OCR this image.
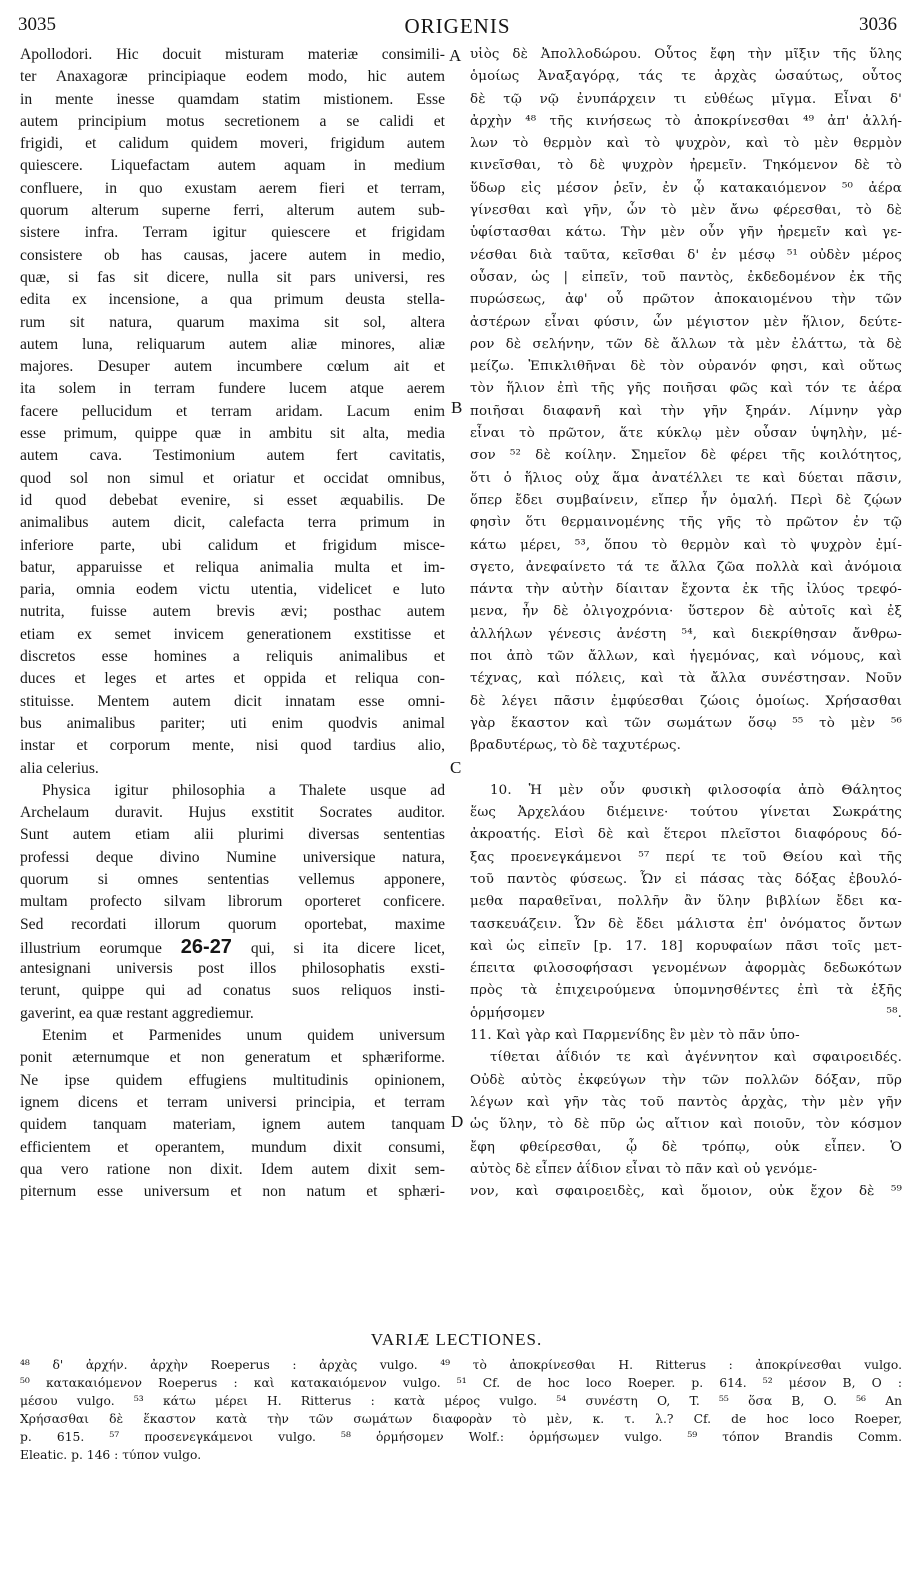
3035	ORIGENIS	3036
Apollodori. Hic docuit misturam materiæ consimili-
ter Anaxagoræ principiaque eodem modo, hic autem
in mente inesse quamdam statim mistionem. Esse
autem principium motus secretionem a se calidi et
frigidi, et calidum quidem moveri, frigidum autem
quiescere. Liquefactam autem aquam in medium
confluere, in quo exustam aerem fieri et terram,
quorum alterum superne ferri, alterum autem sub-
sistere infra. Terram igitur quiescere et frigidam
consistere ob has causas, jacere autem in medio,
quæ, si fas sit dicere, nulla sit pars universi, res
edita ex incensione, a qua primum deusta stella-
rum sit natura, quarum maxima sit sol, altera
autem luna, reliquarum autem aliæ minores, aliæ
majores. Desuper autem incumbere cœlum ait et
ita solem in terram fundere lucem atque aerem
facere pellucidum et terram aridam. Lacum enim
esse primum, quippe quæ in ambitu sit alta, media
autem cava. Testimonium autem fert cavitatis,
quod sol non simul et oriatur et occidat omnibus,
id quod debebat evenire, si esset æquabilis. De
animalibus autem dicit, calefacta terra primum in
inferiore parte, ubi calidum et frigidum misce-
batur, apparuisse et reliqua animalia multa et im-
paria, omnia eodem victu utentia, videlicet e luto
nutrita, fuisse autem brevis ævi; posthac autem
etiam ex semet invicem generationem exstitisse et
discretos esse homines a reliquis animalibus et
duces et leges et artes et oppida et reliqua con-
stituisse. Mentem autem dicit innatam esse omni-
bus animalibus pariter; uti enim quodvis animal
instar et corporum mente, nisi quod tardius alio,
alia celerius.
Physica igitur philosophia a Thalete usque ad
Archelaum duravit. Hujus exstitit Socrates auditor.
Sunt autem etiam alii plurimi diversas sententias
professi deque divino Numine universique natura,
quorum si omnes sententias vellemus apponere,
multam profecto silvam librorum oporteret conficere.
Sed recordati illorum quorum oportebat, maxime
illustrium eorumque 26-27 qui, si ita dicere licet,
antesignani universis post illos philosophatis exsti-
terunt, quippe qui ad conatus suos reliquos insti-
gaverint, ea quæ restant aggrediemur.
Etenim et Parmenides unum quidem universum
ponit æternumque et non generatum et sphæriforme.
Ne ipse quidem effugiens multitudinis opinionem,
ignem dicens et terram universi principia, et terram
quidem tanquam materiam, ignem autem tanquam
efficientem et operantem, mundum dixit consumi,
qua vero ratione non dixit. Idem autem dixit sem-
piternum esse universum et non natum et sphæri-
A
B
C
D
υἱὸς δὲ Ἀπολλοδώρου. Οὗτος ἔφη τὴν μῖξιν τῆς ὕλης
ὁμοίως Ἀναξαγόρᾳ, τάς τε ἀρχὰς ὡσαύτως, οὗτος
δὲ τῷ νῷ ἐνυπάρχειν τι εὐθέως μῖγμα. Εἶναι δ'
ἀρχὴν ⁴⁸ τῆς κινήσεως τὸ ἀποκρίνεσθαι ⁴⁹ ἀπ' ἀλλή-
λων τὸ θερμὸν καὶ τὸ ψυχρὸν, καὶ τὸ μὲν θερμὸν
κινεῖσθαι, τὸ δὲ ψυχρὸν ἠρεμεῖν. Τηκόμενον δὲ τὸ
ὕδωρ εἰς μέσον ῥεῖν, ἐν ᾧ κατακαιόμενον ⁵⁰ ἀέρα
γίνεσθαι καὶ γῆν, ὧν τὸ μὲν ἄνω φέρεσθαι, τὸ δὲ
ὑφίστασθαι κάτω. Τὴν μὲν οὖν γῆν ἠρεμεῖν καὶ γε-
νέσθαι διὰ ταῦτα, κεῖσθαι δ' ἐν μέσῳ ⁵¹ οὐδὲν μέρος
οὖσαν, ὡς | εἰπεῖν, τοῦ παντὸς, ἐκδεδομένον ἐκ τῆς
πυρώσεως, ἀφ' οὗ πρῶτον ἀποκαιομένου τὴν τῶν
ἀστέρων εἶναι φύσιν, ὧν μέγιστον μὲν ἥλιον, δεύτε-
ρον δὲ σελήνην, τῶν δὲ ἄλλων τὰ μὲν ἐλάττω, τὰ δὲ
μείζω. Ἐπικλιθῆναι δὲ τὸν οὐρανόν φησι, καὶ οὕτως
τὸν ἥλιον ἐπὶ τῆς γῆς ποιῆσαι φῶς καὶ τόν τε ἀέρα
ποιῆσαι διαφανῆ καὶ τὴν γῆν ξηράν. Λίμνην γὰρ
εἶναι τὸ πρῶτον, ἅτε κύκλῳ μὲν οὖσαν ὑψηλὴν, μέ-
σον ⁵² δὲ κοίλην. Σημεῖον δὲ φέρει τῆς κοιλότητος,
ὅτι ὁ ἥλιος οὐχ ἅμα ἀνατέλλει τε καὶ δύεται πᾶσιν,
ὅπερ ἔδει συμβαίνειν, εἴπερ ἦν ὁμαλή. Περὶ δὲ ζῴων
φησὶν ὅτι θερμαινομένης τῆς γῆς τὸ πρῶτον ἐν τῷ
κάτω μέρει, ⁵³, ὅπου τὸ θερμὸν καὶ τὸ ψυχρὸν ἐμί-
σγετο, ἀνεφαίνετο τά τε ἄλλα ζῶα πολλὰ καὶ ἀνόμοια
πάντα τὴν αὐτὴν δίαιταν ἔχοντα ἐκ τῆς ἰλύος τρεφό-
μενα, ἦν δὲ ὀλιγοχρόνια· ὕστερον δὲ αὐτοῖς καὶ ἐξ
ἀλλήλων γένεσις ἀνέστη ⁵⁴, καὶ διεκρίθησαν ἄνθρω-
ποι ἀπὸ τῶν ἄλλων, καὶ ἡγεμόνας, καὶ νόμους, καὶ
τέχνας, καὶ πόλεις, καὶ τὰ ἄλλα συνέστησαν. Νοῦν
δὲ λέγει πᾶσιν ἐμφύεσθαι ζώοις ὁμοίως. Χρήσασθαι
γὰρ ἕκαστον καὶ τῶν σωμάτων ὅσῳ ⁵⁵ τὸ μὲν ⁵⁶
βραδυτέρως, τὸ δὲ ταχυτέρως.
10. Ἡ μὲν οὖν φυσικὴ φιλοσοφία ἀπὸ Θάλητος
ἕως Ἀρχελάου διέμεινε· τούτου γίνεται Σωκράτης
ἀκροατής. Εἰσὶ δὲ καὶ ἕτεροι πλεῖστοι διαφόρους δό-
ξας προενεγκάμενοι ⁵⁷ περί τε τοῦ Θείου καὶ τῆς
τοῦ παντὸς φύσεως. Ὧν εἰ πάσας τὰς δόξας ἐβουλό-
μεθα παραθεῖναι, πολλῆν ἂν ὕλην βιβλίων ἔδει κα-
τασκευάζειν. Ὧν δὲ ἔδει μάλιστα ἐπ' ὀνόματος ὄντων
καὶ ὡς εἰπεῖν [p. 17. 18] κορυφαίων πᾶσι τοῖς μετ-
έπειτα φιλοσοφήσασι γενομένων ἀφορμὰς δεδωκότων
πρὸς τὰ ἐπιχειρούμενα ὑπομνησθέντες ἐπὶ τὰ ἑξῆς
ὁρμήσομεν ⁵⁸.
11. Καὶ γὰρ καὶ Παρμενίδης ἓν μὲν τὸ πᾶν ὑπο-
τίθεται ἀΐδιόν τε καὶ ἀγέννητον καὶ σφαιροειδές.
Οὐδὲ αὐτὸς ἐκφεύγων τὴν τῶν πολλῶν δόξαν, πῦρ
λέγων καὶ γῆν τὰς τοῦ παντὸς ἀρχὰς, τὴν μὲν γῆν
ὡς ὕλην, τὸ δὲ πῦρ ὡς αἴτιον καὶ ποιοῦν, τὸν κόσμον
ἔφη φθείρεσθαι, ᾧ δὲ τρόπῳ, οὐκ εἶπεν. Ὁ
αὐτὸς δὲ εἶπεν ἀΐδιον εἶναι τὸ πᾶν καὶ οὐ γενόμε-
νον, καὶ σφαιροειδὲς, καὶ ὅμοιον, οὐκ ἔχον δὲ ⁵⁹
VARIÆ LECTIONES.
⁴⁸ δ' ἀρχήν. ἀρχὴν Roeperus : ἀρχὰς vulgo. ⁴⁹ τὸ ἀποκρίνεσθαι H. Ritterus : ἀποκρίνεσθαι vulgo.
⁵⁰ κατακαιόμενον Roeperus : καὶ κατακαιόμενον vulgo. ⁵¹ Cf. de hoc loco Roeper. p. 614. ⁵² μέσον B, O :
μέσου vulgo. ⁵³ κάτω μέρει H. Ritterus : κατὰ μέρος vulgo. ⁵⁴ συνέστη O, T. ⁵⁵ ὅσα B, O. ⁵⁶ An
Χρήσασθαι δὲ ἕκαστον κατὰ τὴν τῶν σωμάτων διαφορὰν τὸ μὲν, κ. τ. λ.? Cf. de hoc loco Roeper,
p. 615. ⁵⁷ προσενεγκάμενοι vulgo. ⁵⁸ ὁρμήσομεν Wolf.: ὁρμήσωμεν vulgo. ⁵⁹ τόπον Brandis Comm.
Eleatic. p. 146 : τύπον vulgo.
